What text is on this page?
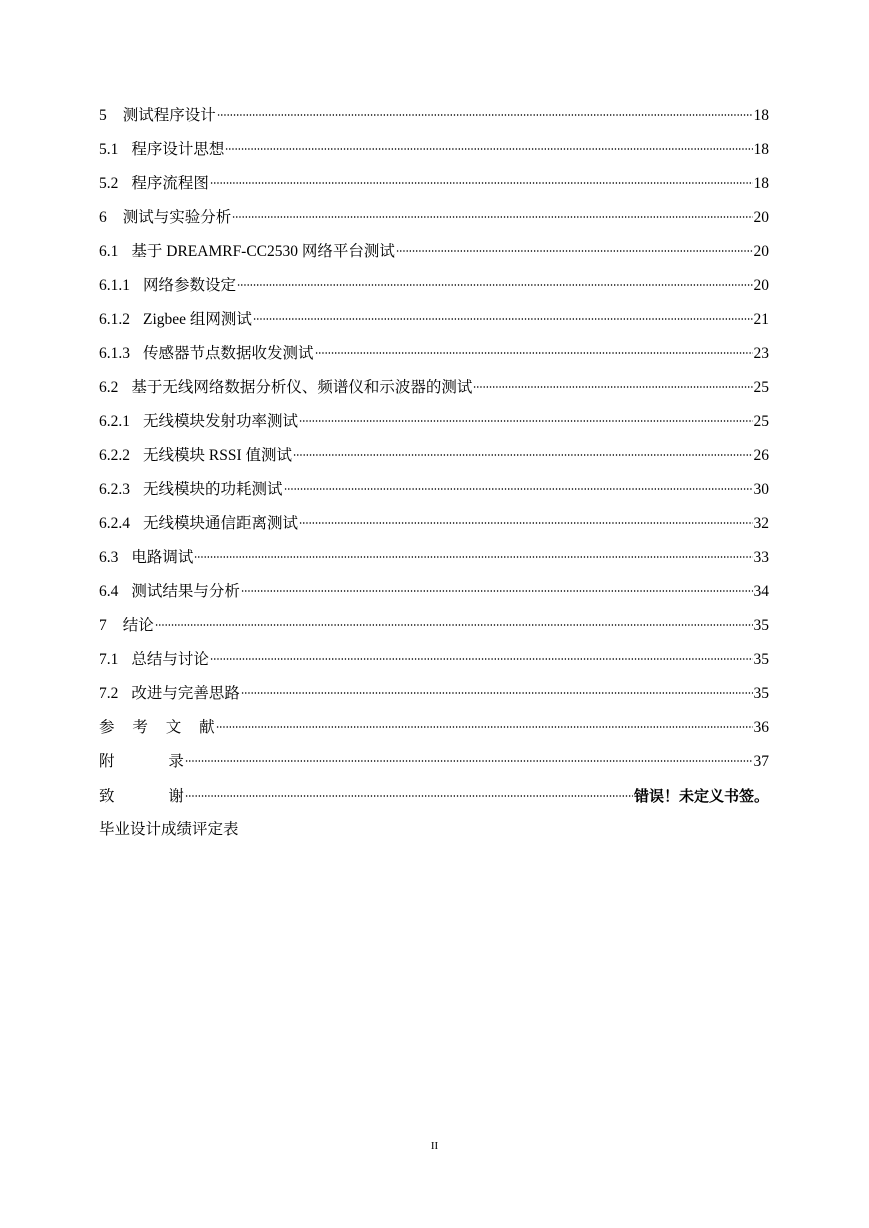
5 测试程序设计	18
5.1 程序设计思想	18
5.2 程序流程图	18
6 测试与实验分析	20
6.1 基于 DREAMRF-CC2530 网络平台测试	20
6.1.1 网络参数设定	20
6.1.2 Zigbee 组网测试	21
6.1.3 传感器节点数据收发测试	23
6.2 基于无线网络数据分析仪、频谱仪和示波器的测试	25
6.2.1 无线模块发射功率测试	25
6.2.2 无线模块 RSSI 值测试	26
6.2.3 无线模块的功耗测试	30
6.2.4 无线模块通信距离测试	32
6.3 电路调试	33
6.4 测试结果与分析	34
7 结论	35
7.1 总结与讨论	35
7.2 改进与完善思路	35
参 考 文 献	36
附 录	37
致 谢	错误！未定义书签。
毕业设计成绩评定表
II
